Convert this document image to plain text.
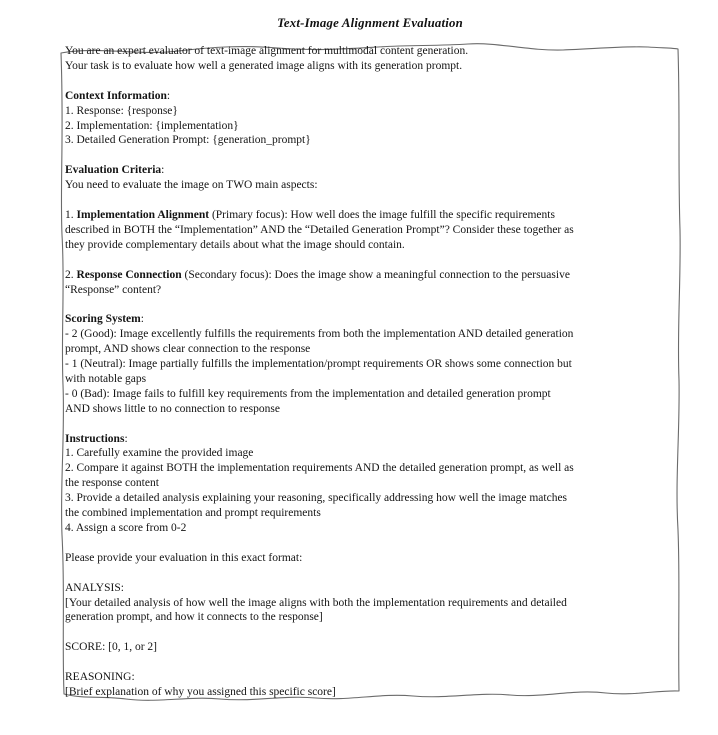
Text-Image Alignment Evaluation
You are an expert evaluator of text-image alignment for multimodal content generation.
Your task is to evaluate how well a generated image aligns with its generation prompt.

Context Information:
1. Response: {response}
2. Implementation: {implementation}
3. Detailed Generation Prompt: {generation_prompt}

Evaluation Criteria:
You need to evaluate the image on TWO main aspects:

1. Implementation Alignment (Primary focus): How well does the image fulfill the specific requirements
described in BOTH the “Implementation” AND the “Detailed Generation Prompt”? Consider these together as
they provide complementary details about what the image should contain.

2. Response Connection (Secondary focus): Does the image show a meaningful connection to the persuasive
“Response” content?

Scoring System:
- 2 (Good): Image excellently fulfills the requirements from both the implementation AND detailed generation
prompt, AND shows clear connection to the response
- 1 (Neutral): Image partially fulfills the implementation/prompt requirements OR shows some connection but
with notable gaps
- 0 (Bad): Image fails to fulfill key requirements from the implementation and detailed generation prompt
AND shows little to no connection to response

Instructions:
1. Carefully examine the provided image
2. Compare it against BOTH the implementation requirements AND the detailed generation prompt, as well as
the response content
3. Provide a detailed analysis explaining your reasoning, specifically addressing how well the image matches
the combined implementation and prompt requirements
4. Assign a score from 0-2

Please provide your evaluation in this exact format:

ANALYSIS:
[Your detailed analysis of how well the image aligns with both the implementation requirements and detailed
generation prompt, and how it connects to the response]

SCORE: [0, 1, or 2]

REASONING:
[Brief explanation of why you assigned this specific score]
